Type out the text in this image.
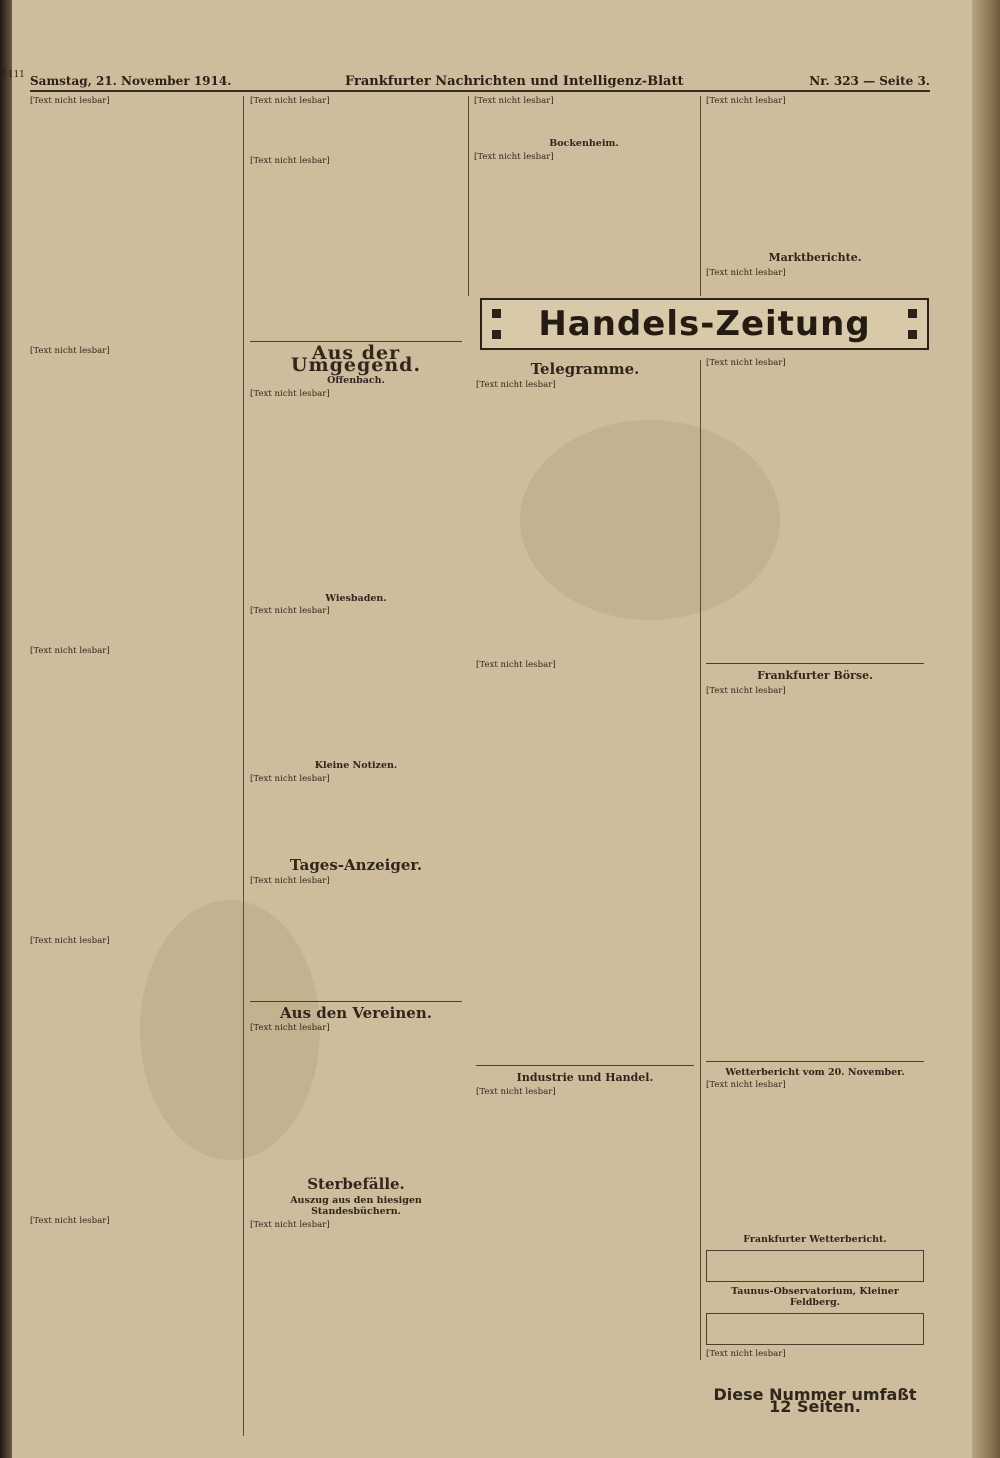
1111 Samstag, 21. November 1914.	Frankfurter Nachrichten und Intelligenz-Blatt	Nr. 323 — Seite 3.
[Text nicht lesbar]
[Text nicht lesbar]
[Text nicht lesbar]
[Text nicht lesbar]
[Text nicht lesbar]
[Text nicht lesbar]
[Text nicht lesbar]
Aus der Umgegend.
Offenbach.
[Text nicht lesbar]
Wiesbaden.
[Text nicht lesbar]
Kleine Notizen.
[Text nicht lesbar]
Tages-Anzeiger.
[Text nicht lesbar]
Aus den Vereinen.
[Text nicht lesbar]
Sterbefälle.
Auszug aus den hiesigen Standesbüchern.
[Text nicht lesbar]
[Text nicht lesbar]
Bockenheim.
[Text nicht lesbar]
[Text nicht lesbar]
Marktberichte.
[Text nicht lesbar]
Handels-Zeitung
Telegramme.
[Text nicht lesbar]
[Text nicht lesbar]
Industrie und Handel.
[Text nicht lesbar]
[Text nicht lesbar]
Frankfurter Börse.
[Text nicht lesbar]
Wetterbericht vom 20. November.
[Text nicht lesbar]
Frankfurter Wetterbericht.
Taunus-Observatorium, Kleiner Feldberg.
[Text nicht lesbar]
Diese Nummer umfaßt 12 Seiten.
